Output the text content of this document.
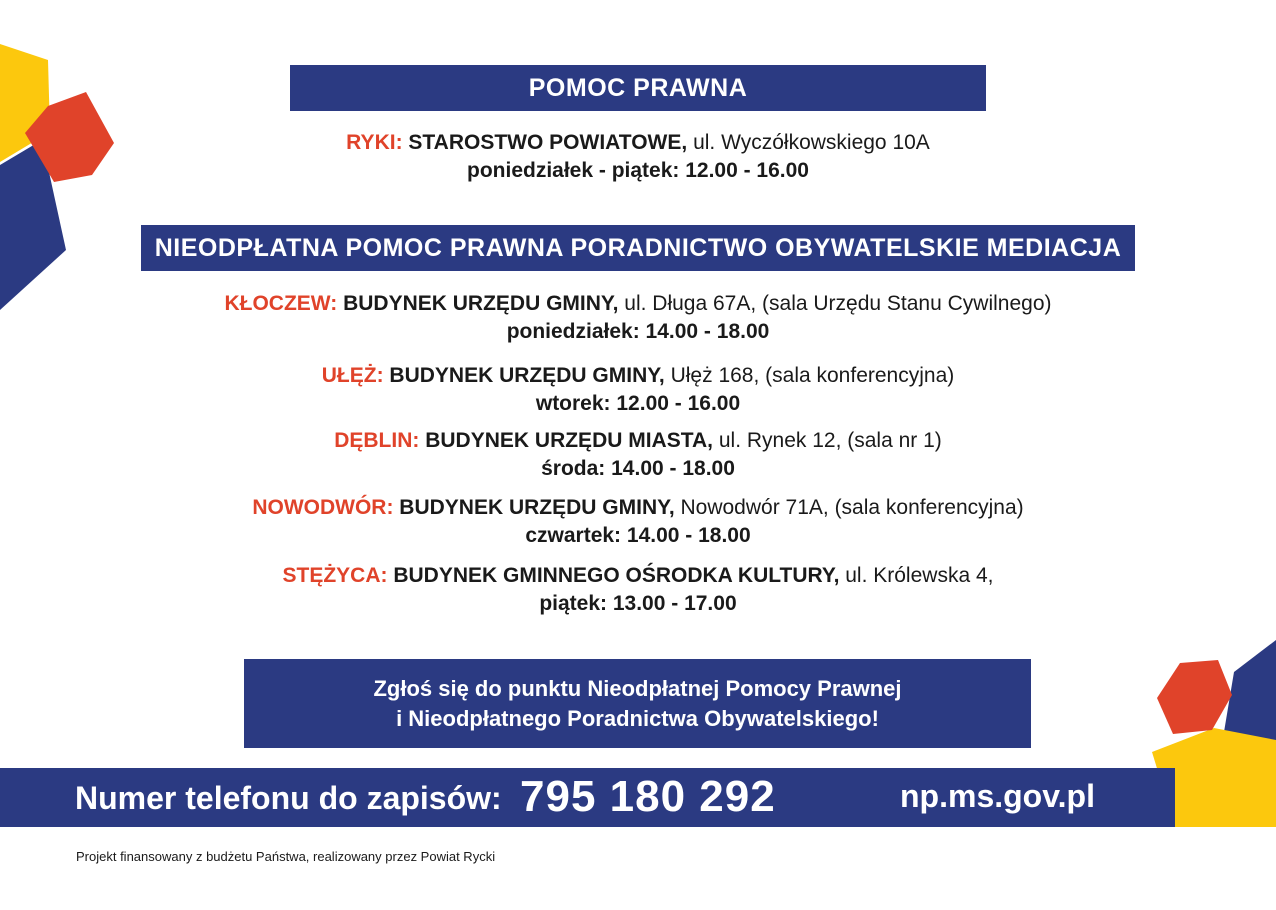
POMOC PRAWNA
RYKI: STAROSTWO POWIATOWE, ul. Wyczółkowskiego 10A
poniedziałek - piątek: 12.00 - 16.00
NIEODPŁATNA POMOC PRAWNA PORADNICTWO OBYWATELSKIE MEDIACJA
KŁOCZEW: BUDYNEK URZĘDU GMINY, ul. Długa 67A, (sala Urzędu Stanu Cywilnego)
poniedziałek: 14.00 - 18.00
UŁĘŻ: BUDYNEK URZĘDU GMINY, Ułęż 168, (sala konferencyjna)
wtorek: 12.00 - 16.00
DĘBLIN: BUDYNEK URZĘDU MIASTA, ul. Rynek 12, (sala nr 1)
środa: 14.00 - 18.00
NOWODWÓR: BUDYNEK URZĘDU GMINY, Nowodwór 71A, (sala konferencyjna)
czwartek: 14.00 - 18.00
STĘŻYCA: BUDYNEK GMINNEGO OŚRODKA KULTURY, ul. Królewska 4,
piątek: 13.00 - 17.00
Zgłoś się do punktu Nieodpłatnej Pomocy Prawnej
i Nieodpłatnego Poradnictwa Obywatelskiego!
Numer telefonu do zapisów: 795 180 292	np.ms.gov.pl
Projekt finansowany z budżetu Państwa, realizowany przez Powiat Rycki
